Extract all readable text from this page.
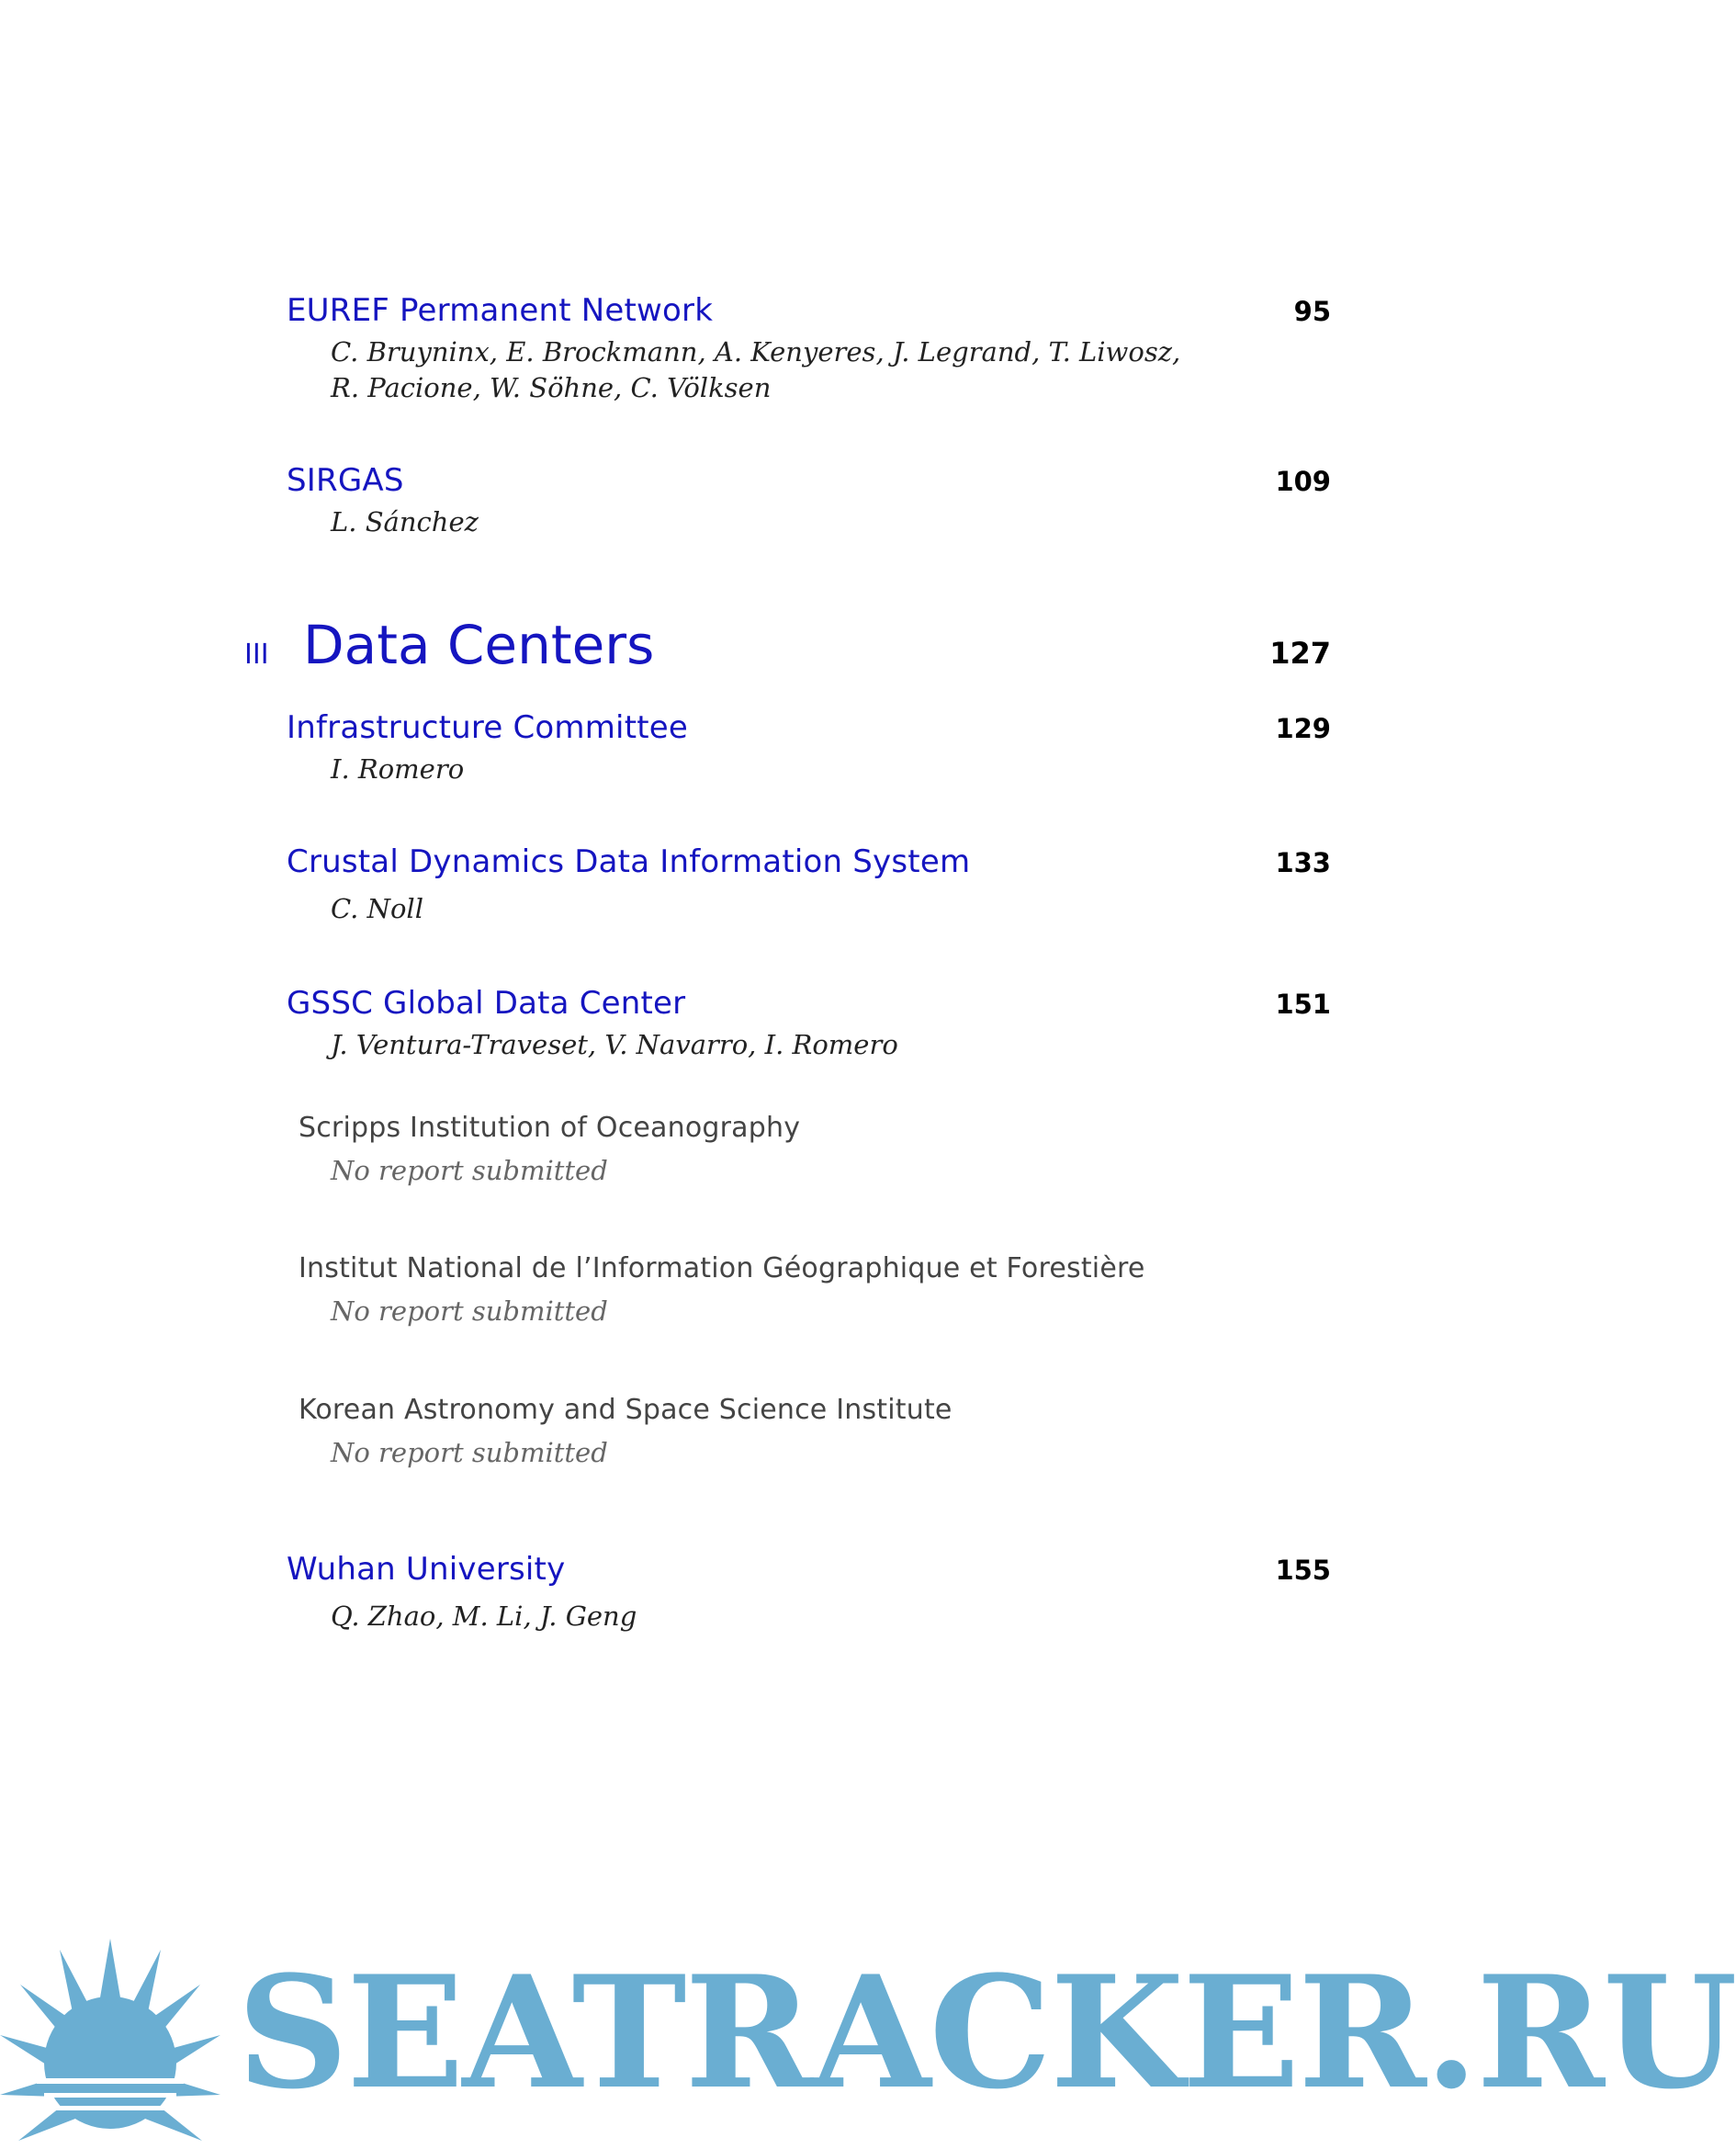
EUREF Permanent Network	95
C. Bruyninx, E. Brockmann, A. Kenyeres, J. Legrand, T. Liwosz,
R. Pacione, W. Söhne, C. Völksen
SIRGAS	109
L. Sánchez
III Data Centers	127
Infrastructure Committee	129
I. Romero
Crustal Dynamics Data Information System	133
C. Noll
GSSC Global Data Center	151
J. Ventura-Traveset, V. Navarro, I. Romero
Scripps Institution of Oceanography
No report submitted
Institut National de l’Information Géographique et Forestière
No report submitted
Korean Astronomy and Space Science Institute
No report submitted
Wuhan University	155
Q. Zhao, M. Li, J. Geng
SEATRACKER.RU
